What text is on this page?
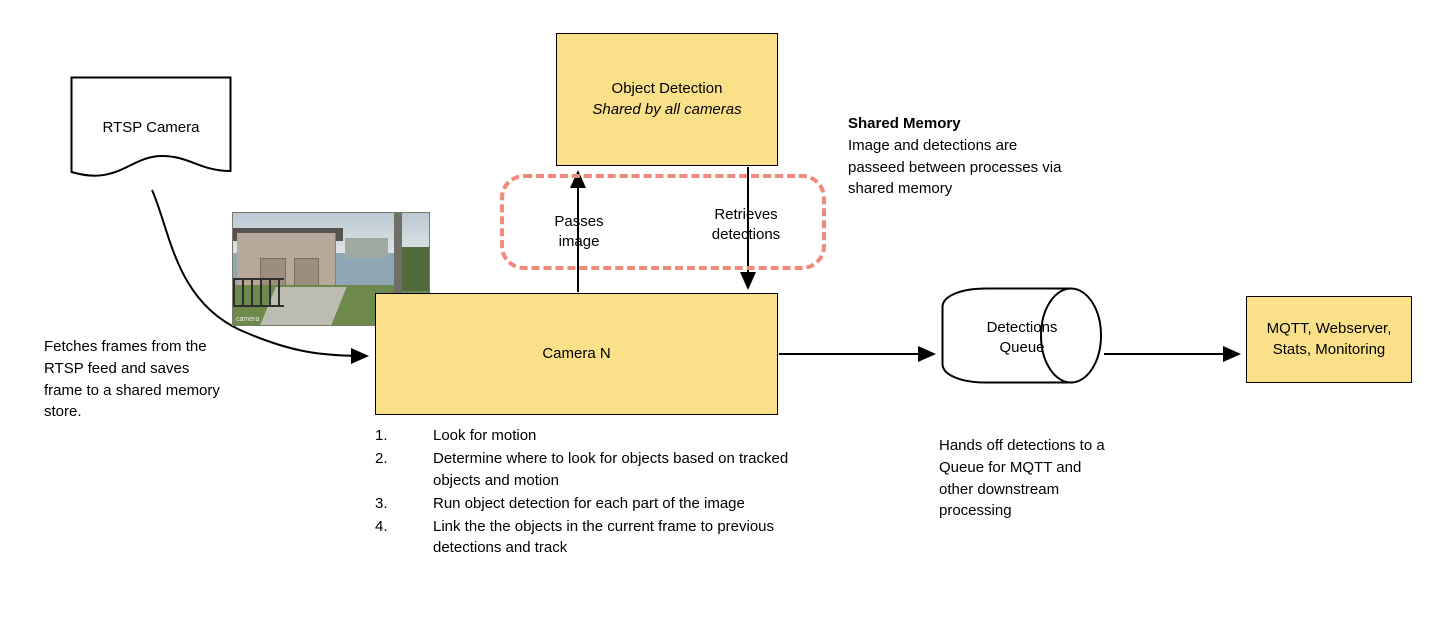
RTSP Camera
Object Detection
Shared by all cameras
Passes
image
Retrieves
detections
camera
Camera N
Detections
Queue
MQTT, Webserver,
Stats, Monitoring
Fetches frames from the RTSP feed and saves frame to a shared memory store.
Shared Memory
Image and detections are passeed between processes via shared memory
Hands off detections to a Queue for MQTT and other downstream processing
1.	Look for motion
2.	Determine where to look for objects based on tracked objects and motion
3.	Run object detection for each part of the image
4.	Link the the objects in the current frame to previous detections and track
